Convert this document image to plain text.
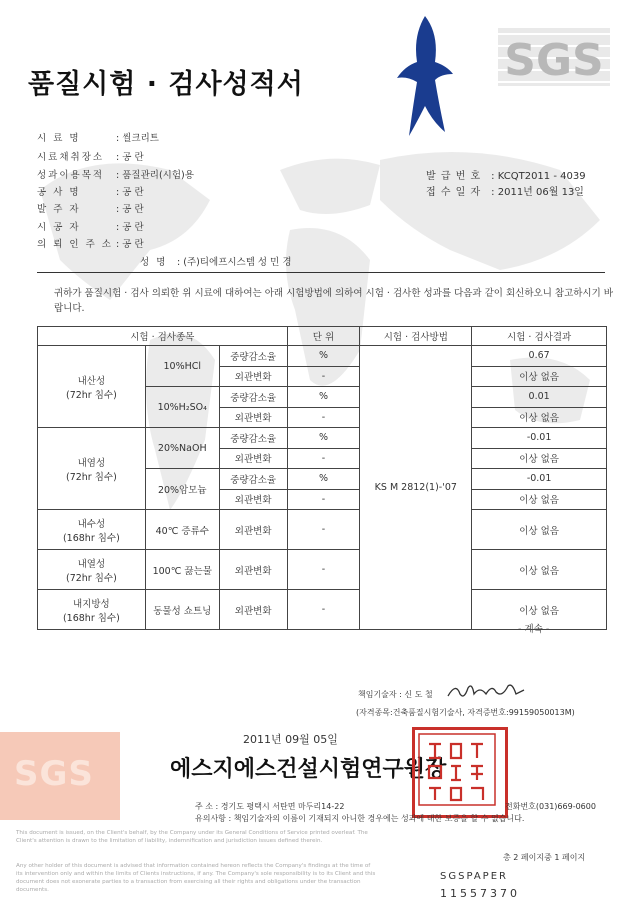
품질시험 · 검사성적서	SGS
시 료 명	: 씰크리트
시료채취장소 : 공 란
성과이용목적 : 품질관리(시험)용
공 사 명	: 공 란
발 주 자	: 공 란
시 공 자	: 공 란
의 뢰 인 주 소 : 공 란
성 명 : (주)티에프시스템 성 민 경
발 급 번 호 : KCQT2011 - 4039
접 수 일 자 : 2011년 06월 13일
귀하가 품질시험 · 검사 의뢰한 위 시료에 대하여는 아래 시험방법에 의하여 시험 · 검사한 성과를 다음과 같이 회신하오니 참고하시기 바랍니다.
시험 · 검사종목			단 위	시험 · 검사방법	시험 · 검사결과

내산성
(72hr 침수)	10%HCl	중량감소율	%	KS M 2812(1)-'07	0.67
		외관변화	-		이상 없음
	10%H₂SO₄	중량감소율	%		0.01
		외관변화	-		이상 없음

내염성
(72hr 침수)	20%NaOH	중량감소율	%		-0.01
		외관변화	-		이상 없음
	20%암모늄	중량감소율	%		-0.01
		외관변화	-		이상 없음

내수성
(168hr 침수)	40℃ 증류수	외관변화	-		이상 없음

내열성
(72hr 침수)	100℃ 끓는물	외관변화	-		이상 없음

내지방성
(168hr 침수)	동물성 쇼트닝	외관변화	-		이상 없음
- 계속 -
책임기술자 : 신 도 철
(자격종목:건축품질시험기술사, 자격증번호:99159050013M)
SGS
2011년 09월 05일
에스지에스건설시험연구원장
주 소 : 경기도 평택시 서탄면 마두리14-22	전화번호(031)669-0600
유의사항 : 책임기술자의 이름이 기재되지 아니한 경우에는 성과에 대한 보증을 할 수 없습니다.
This document is issued, on the Client's behalf, by the Company under its General Conditions of Service printed overleaf. The Client's attention is drawn to the limitation of liability, indemnification and jurisdiction issues defined therein.
Any other holder of this document is advised that information contained hereon reflects the Company's findings at the time of its intervention only and within the limits of Clients instructions, if any. The Company's sole responsibility is to its Client and this document does not exonerate parties to a transaction from exercising all their rights and obligations under the transaction documents.
총 2 페이지중 1 페이지
SGSPAPER
11557370
